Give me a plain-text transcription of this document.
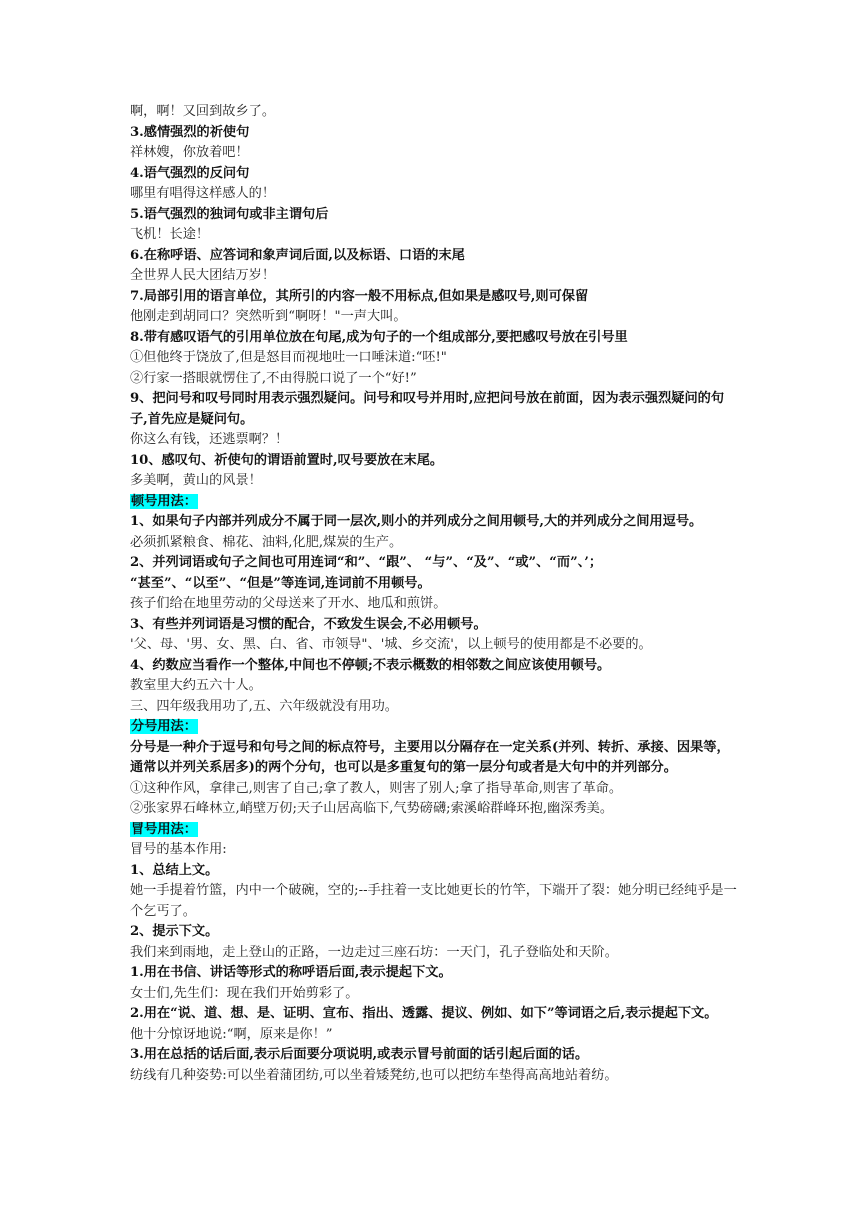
啊，啊！又回到故乡了。

3.感情强烈的祈使句

祥林嫂，你放着吧！

4.语气强烈的反问句

哪里有唱得这样感人的！

5.语气强烈的独词句或非主谓句后

飞机！长途！

6.在称呼语、应答词和象声词后面,以及标语、口语的末尾

全世界人民大团结万岁！

7.局部引用的语言单位，其所引的内容一般不用标点,但如果是感叹号,则可保留

他刚走到胡同口？突然听到“啊呀！"一声大叫。

8.带有感叹语气的引用单位放在句尾,成为句子的一个组成部分,要把感叹号放在引号里

①但他终于饶放了,但是怒目而视地吐一口唾沫道:“呸!"

②行家一搭眼就愣住了,不由得脱口说了一个“好!”

9、把问号和叹号同时用表示强烈疑问。问号和叹号并用时,应把问号放在前面，因为表示强烈疑问的句子,首先应是疑问句。

你这么有钱，还逃票啊？！

10、感叹句、祈使句的谓语前置时,叹号要放在末尾。

多美啊，黄山的风景！

顿号用法：

1、如果句子内部并列成分不属于同一层次,则小的并列成分之间用顿号,大的并列成分之间用逗号。

必须抓紧粮食、棉花、油料,化肥,煤炭的生产。

2、并列词语或句子之间也可用连词“和”、“跟”、 “与”、“及”、“或”、“而”、’；

“甚至”、“以至”、“但是”等连词,连词前不用顿号。

孩子们给在地里劳动的父母送来了开水、地瓜和煎饼。

3、有些并列词语是习惯的配合，不致发生误会,不必用顿号。

'父、母、'男、女、黑、白、省、市领导"、'城、乡交流'，以上顿号的使用都是不必要的。

4、约数应当看作一个整体,中间也不停顿;不表示概数的相邻数之间应该使用顿号。

教室里大约五六十人。

三、四年级我用功了,五、六年级就没有用功。

分号用法：

分号是一种介于逗号和句号之间的标点符号，主要用以分隔存在一定关系(并列、转折、承接、因果等，通常以并列关系居多)的两个分句，也可以是多重复句的第一层分句或者是大句中的并列部分。

①这种作风，拿律己,则害了自己;拿了教人，则害了别人;拿了指导革命,则害了革命。

②张家界石峰林立,峭壁万仞;天子山居高临下,气势磅礴;索溪峪群峰环抱,幽深秀美。

冒号用法：

冒号的基本作用:

1、总结上文。

她一手提着竹篮，内中一个破碗，空的;--手拄着一支比她更长的竹竿，下端开了裂：她分明已经纯乎是一个乞丐了。

2、提示下文。

我们来到雨地，走上登山的正路，一边走过三座石坊：一天门，孔子登临处和天阶。

1.用在书信、讲话等形式的称呼语后面,表示提起下文。

女士们,先生们：现在我们开始剪彩了。

2.用在“说、道、想、是、证明、宣布、指出、透露、提议、例如、如下”等词语之后,表示提起下文。

他十分惊讶地说:“啊，原来是你！”

3.用在总括的话后面,表示后面要分项说明,或表示冒号前面的话引起后面的话。

纺线有几种姿势:可以坐着蒲团纺,可以坐着矮凳纺,也可以把纺车垫得高高地站着纺。
